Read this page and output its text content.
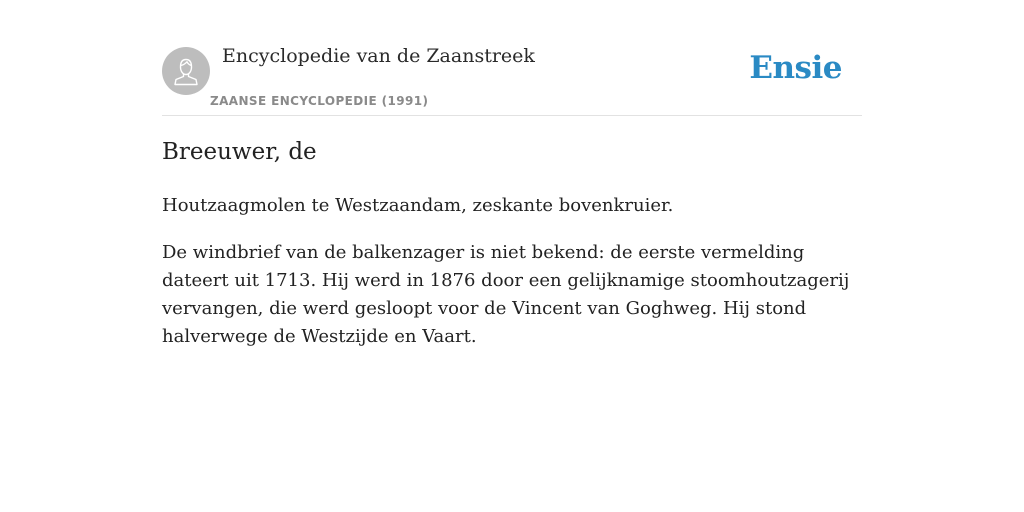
Encyclopedie van de Zaanstreek
ZAANSE ENCYCLOPEDIE (1991)
Ensie
Breeuwer, de

Houtzaagmolen te Westzaandam, zeskante bovenkruier.

De windbrief van de balkenzager is niet bekend: de eerste vermelding dateert uit 1713. Hij werd in 1876 door een gelijknamige stoomhoutzagerij vervangen, die werd gesloopt voor de Vincent van Goghweg. Hij stond halverwege de Westzijde en Vaart.
